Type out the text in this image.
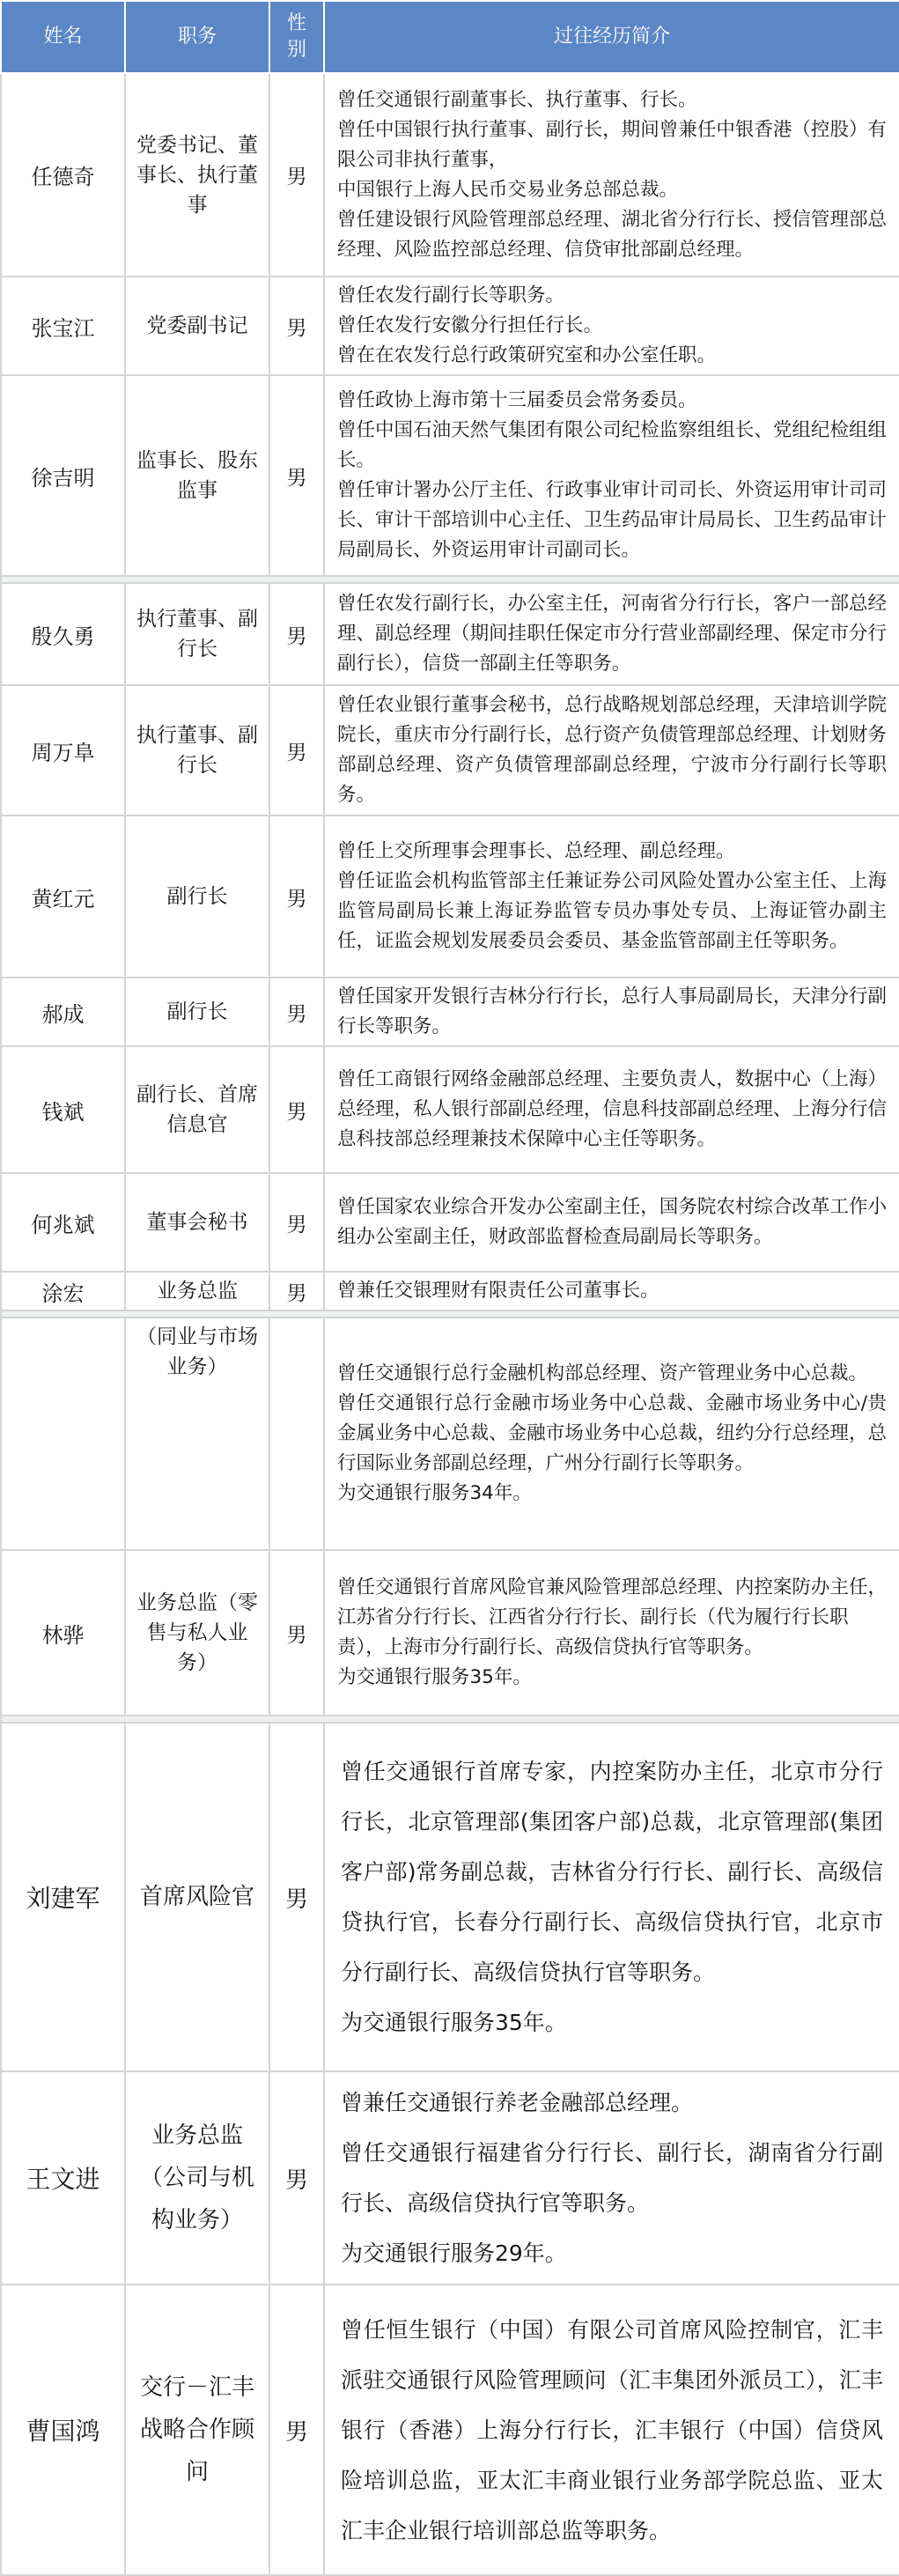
姓名	职务	性别	过往经历简介
任德奇	党委书记、董事长、执行董事	男	曾任交通银行副董事长、执行董事、行长。

曾任中国银行执行董事、副行长，期间曾兼任中银香港（控股）有限公司非执行董事，

中国银行上海人民币交易业务总部总裁。

曾任建设银行风险管理部总经理、湖北省分行行长、授信管理部总经理、风险监控部总经理、信贷审批部副总经理。

张宝江	党委副书记	男	曾任农发行副行长等职务。

曾任农发行安徽分行担任行长。

曾在在农发行总行政策研究室和办公室任职。

徐吉明	监事长、股东监事	男	曾任政协上海市第十三届委员会常务委员。

曾任中国石油天然气集团有限公司纪检监察组组长、党组纪检组组长。

曾任审计署办公厅主任、行政事业审计司司长、外资运用审计司司长、审计干部培训中心主任、卫生药品审计局局长、卫生药品审计局副局长、外资运用审计司副司长。

殷久勇	执行董事、副行长	男	曾任农发行副行长，办公室主任，河南省分行行长，客户一部总经理、副总经理（期间挂职任保定市分行营业部副经理、保定市分行副行长），信贷一部副主任等职务。

周万阜	执行董事、副行长	男	曾任农业银行董事会秘书，总行战略规划部总经理，天津培训学院院长，重庆市分行副行长，总行资产负债管理部总经理、计划财务部副总经理、资产负债管理部副总经理，宁波市分行副行长等职务。

黄红元	副行长	男	曾任上交所理事会理事长、总经理、副总经理。

曾任证监会机构监管部主任兼证券公司风险处置办公室主任、上海监管局副局长兼上海证券监管专员办事处专员、上海证管办副主任，证监会规划发展委员会委员、基金监管部副主任等职务。

郝成	副行长	男	曾任国家开发银行吉林分行行长，总行人事局副局长，天津分行副行长等职务。

钱斌	副行长、首席信息官	男	曾任工商银行网络金融部总经理、主要负责人，数据中心（上海）总经理，私人银行部副总经理，信息科技部副总经理、上海分行信息科技部总经理兼技术保障中心主任等职务。

何兆斌	董事会秘书	男	曾任国家农业综合开发办公室副主任，国务院农村综合改革工作小组办公室副主任，财政部监督检查局副局长等职务。

涂宏	业务总监	男	曾兼任交银理财有限责任公司董事长。

	（同业与市场业务）		曾任交通银行总行金融机构部总经理、资产管理业务中心总裁。

曾任交通银行总行金融市场业务中心总裁、金融市场业务中心/贵金属业务中心总裁、金融市场业务中心总裁，纽约分行总经理，总行国际业务部副总经理，广州分行副行长等职务。

为交通银行服务34年。

林骅	业务总监（零售与私人业务）	男	曾任交通银行首席风险官兼风险管理部总经理、内控案防办主任，江苏省分行行长、江西省分行行长、副行长（代为履行行长职

责），上海市分行副行长、高级信贷执行官等职务。

为交通银行服务35年。

刘建军	首席风险官	男	曾任交通银行首席专家，内控案防办主任，北京市分行行长，北京管理部(集团客户部)总裁，北京管理部(集团客户部)常务副总裁，吉林省分行行长、副行长、高级信贷执行官，长春分行副行长、高级信贷执行官，北京市分行副行长、高级信贷执行官等职务。

为交通银行服务35年。

王文进	业务总监（公司与机构业务）	男	曾兼任交通银行养老金融部总经理。

曾任交通银行福建省分行行长、副行长，湖南省分行副行长、高级信贷执行官等职务。

为交通银行服务29年。

曹国鸿	交行－汇丰战略合作顾问	男	曾任恒生银行（中国）有限公司首席风险控制官，汇丰派驻交通银行风险管理顾问（汇丰集团外派员工），汇丰银行（香港）上海分行行长，汇丰银行（中国）信贷风险培训总监，亚太汇丰商业银行业务部学院总监、亚太汇丰企业银行培训部总监等职务。
